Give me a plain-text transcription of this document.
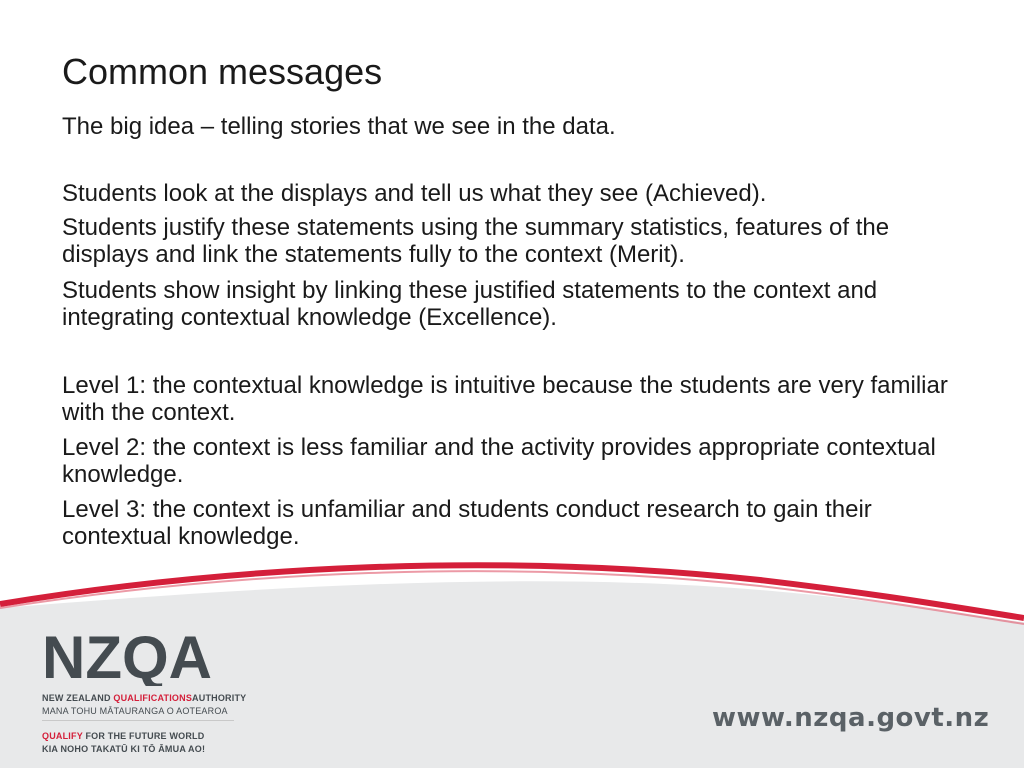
Common messages

The big idea – telling stories that we see in the data.

Students look at the displays and tell us what they see (Achieved).

Students justify these statements using the summary statistics, features of the displays and link the statements fully to the context (Merit).

Students show insight by linking these justified statements to the context and integrating contextual knowledge (Excellence).

Level 1: the contextual knowledge is intuitive because the students are very familiar with the context.

Level 2: the context is less familiar and the activity provides appropriate contextual knowledge.

Level 3: the context is unfamiliar and students conduct research to gain their contextual knowledge.

NZQA
NEW ZEALAND QUALIFICATIONSAUTHORITY
MANA TOHU MĀTAURANGA O AOTEAROA
QUALIFY FOR THE FUTURE WORLD
KIA NOHO TAKATŪ KI TŌ ĀMUA AO!
www.nzqa.govt.nz
